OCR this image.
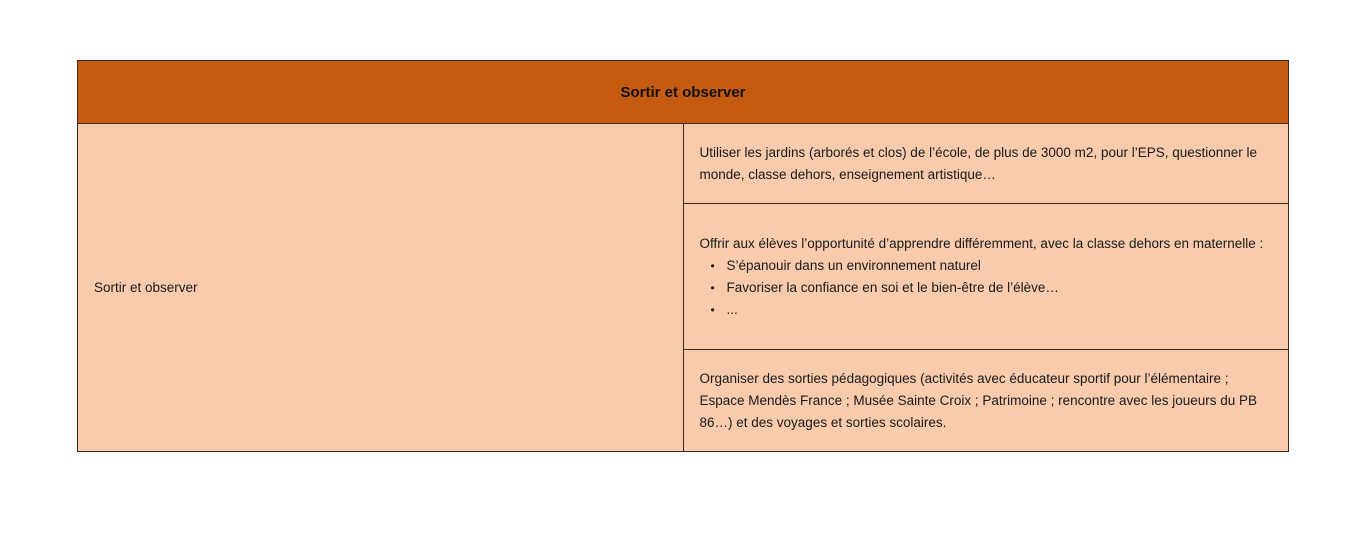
Sortir et observer
Sortir et observer	

Utiliser les jardins (arborés et clos) de l’école, de plus de 3000 m2, pour l’EPS, questionner le monde, classe dehors, enseignement artistique…

Offrir aux élèves l’opportunité d’apprendre différemment, avec la classe dehors en maternelle :

• S’épanouir dans un environnement naturel
• Favoriser la confiance en soi et le bien-être de l’élève…
• ...

Organiser des sorties pédagogiques (activités avec éducateur sportif pour l’élémentaire ; Espace Mendès France ; Musée Sainte Croix ; Patrimoine ; rencontre avec les joueurs du PB 86…) et des voyages et sorties scolaires.
